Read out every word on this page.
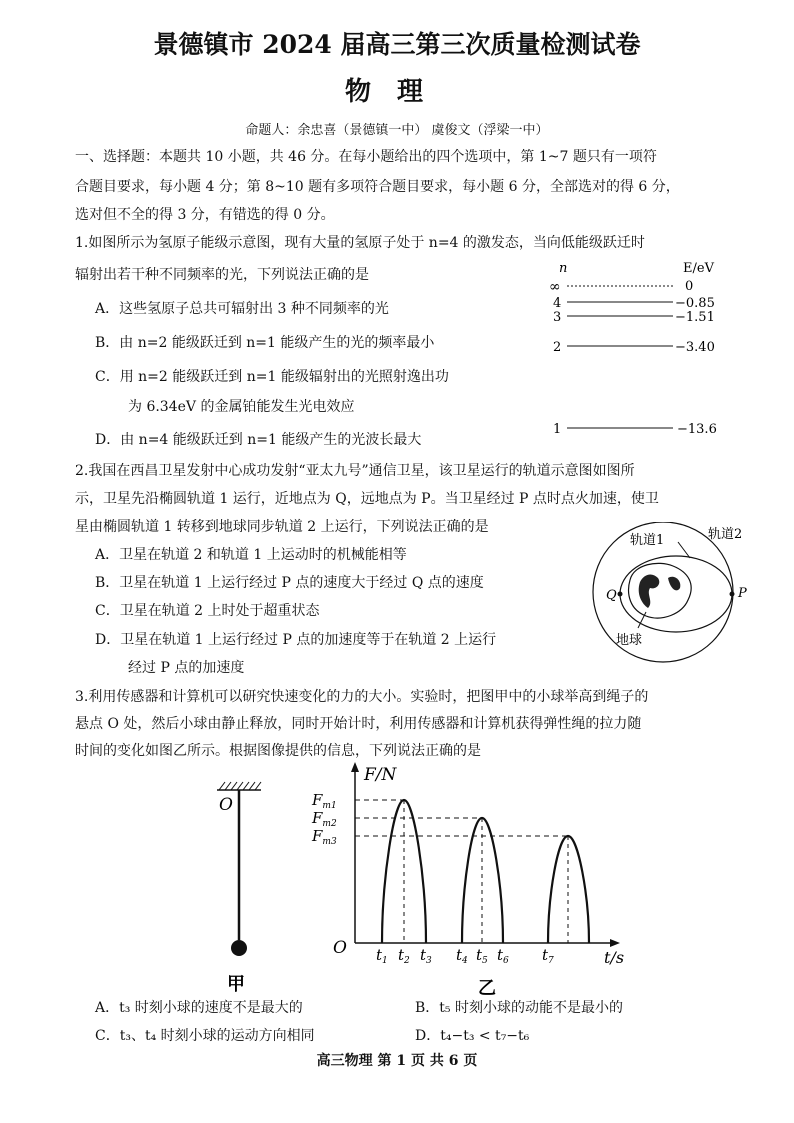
景德镇市 2024 届高三第三次质量检测试卷
物理
命题人：余忠喜（景德镇一中） 虞俊文（浮梁一中）
一、选择题：本题共 10 小题，共 46 分。在每小题给出的四个选项中，第 1~7 题只有一项符
合题目要求，每小题 4 分；第 8~10 题有多项符合题目要求，每小题 6 分，全部选对的得 6 分，
选对但不全的得 3 分，有错选的得 0 分。
1.如图所示为氢原子能级示意图，现有大量的氢原子处于 n=4 的激发态，当向低能级跃迁时
辐射出若干种不同频率的光，下列说法正确的是
A．这些氢原子总共可辐射出 3 种不同频率的光
B．由 n=2 能级跃迁到 n=1 能级产生的光的频率最小
C．用 n=2 能级跃迁到 n=1 能级辐射出的光照射逸出功
为 6.34eV 的金属铂能发生光电效应
D．由 n=4 能级跃迁到 n=1 能级产生的光波长最大
n	E/eV
∞	0
4	−0.85
3	−1.51
2	−3.40
1	−13.6
2.我国在西昌卫星发射中心成功发射“亚太九号”通信卫星，该卫星运行的轨道示意图如图所
示，卫星先沿椭圆轨道 1 运行，近地点为 Q，远地点为 P。当卫星经过 P 点时点火加速，使卫
星由椭圆轨道 1 转移到地球同步轨道 2 上运行，下列说法正确的是
A．卫星在轨道 2 和轨道 1 上运动时的机械能相等
B．卫星在轨道 1 上运行经过 P 点的速度大于经过 Q 点的速度
C．卫星在轨道 2 上时处于超重状态
D．卫星在轨道 1 上运行经过 P 点的加速度等于在轨道 2 上运行
经过 P 点的加速度
Q	P
轨道1	轨道2
地球
3.利用传感器和计算机可以研究快速变化的力的大小。实验时，把图甲中的小球举高到绳子的
悬点 O 处，然后小球由静止释放，同时开始计时，利用传感器和计算机获得弹性绳的拉力随
时间的变化如图乙所示。根据图像提供的信息，下列说法正确的是
O
甲
F/N
t/s
O
$F_{m1}$
$F_{m2}$
$F_{m3}$
$t_1$ $t_2$ $t_3$ $t_4$ $t_5$ $t_6$ $t_7$
乙
A．t₃ 时刻小球的速度不是最大的	B．t₅ 时刻小球的动能不是最小的
C．t₃、t₄ 时刻小球的运动方向相同	D．t₄−t₃ < t₇−t₆
高三物理 第 1 页 共 6 页
